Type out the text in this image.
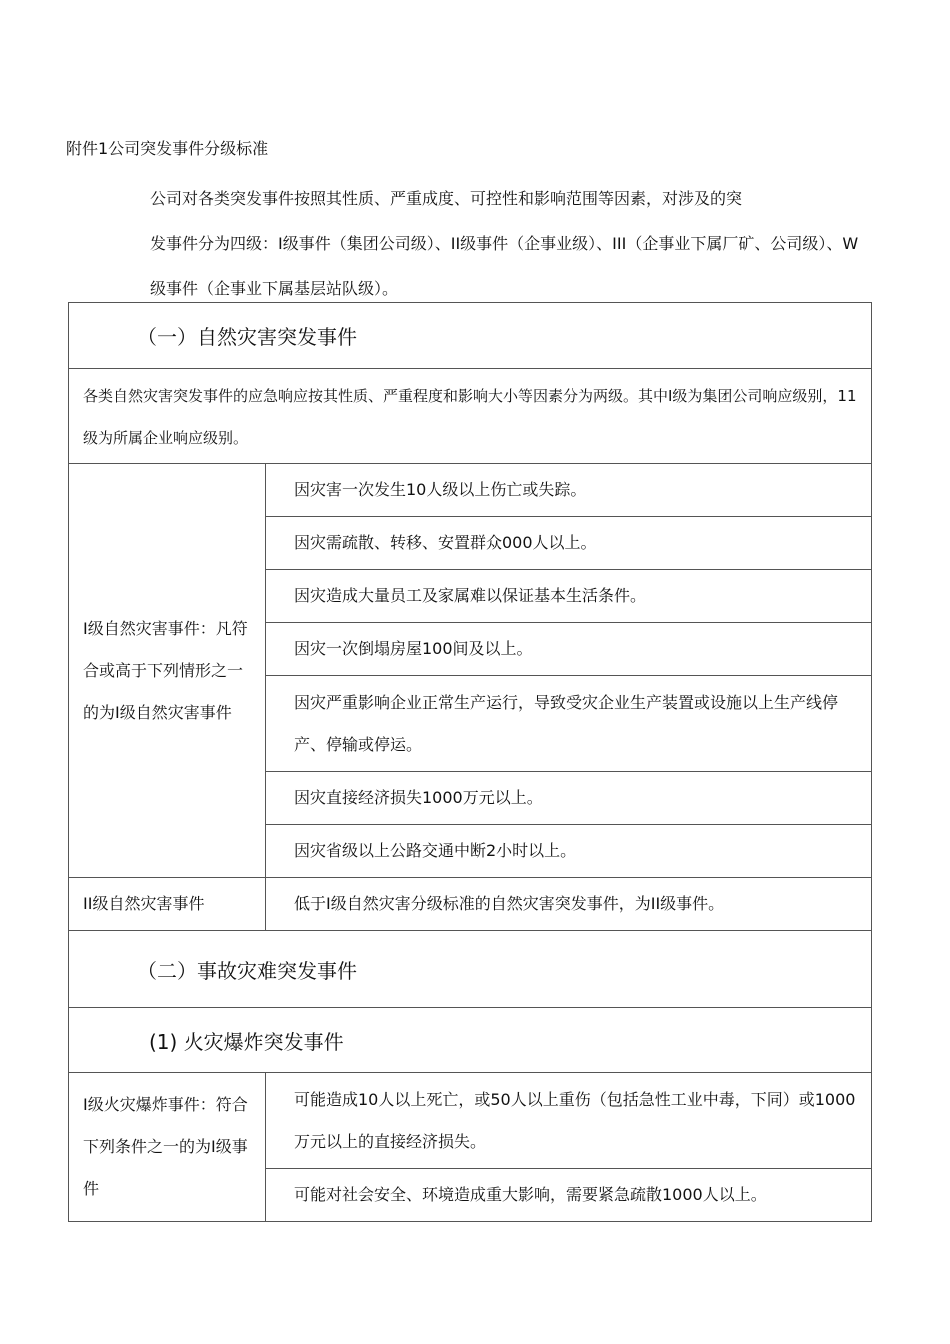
附件1公司突发事件分级标准
公司对各类突发事件按照其性质、严重成度、可控性和影响范围等因素，对涉及的突
发事件分为四级：I级事件（集团公司级）、II级事件（企事业级）、III（企事业下属厂矿、公司级）、W级事件（企事业下属基层站队级）。
（一）自然灾害突发事件	
各类自然灾害突发事件的应急响应按其性质、严重程度和影响大小等因素分为两级。其中I级为集团公司响应级别，11级为所属企业响应级别。	
I级自然灾害事件：凡符合或高于下列情形之一的为I级自然灾害事件	因灾害一次发生10人级以上伤亡或失踪。
	因灾需疏散、转移、安置群众000人以上。
	因灾造成大量员工及家属难以保证基本生活条件。
	因灾一次倒塌房屋100间及以上。
	因灾严重影响企业正常生产运行，导致受灾企业生产装置或设施以上生产线停产、停输或停运。
	因灾直接经济损失1000万元以上。
	因灾省级以上公路交通中断2小时以上。
II级自然灾害事件	低于I级自然灾害分级标准的自然灾害突发事件，为II级事件。
（二）事故灾难突发事件	
(1) 火灾爆炸突发事件	
I级火灾爆炸事件：符合下列条件之一的为I级事件	可能造成10人以上死亡，或50人以上重伤（包括急性工业中毒，下同）或1000万元以上的直接经济损失。
	可能对社会安全、环境造成重大影响，需要紧急疏散1000人以上。
